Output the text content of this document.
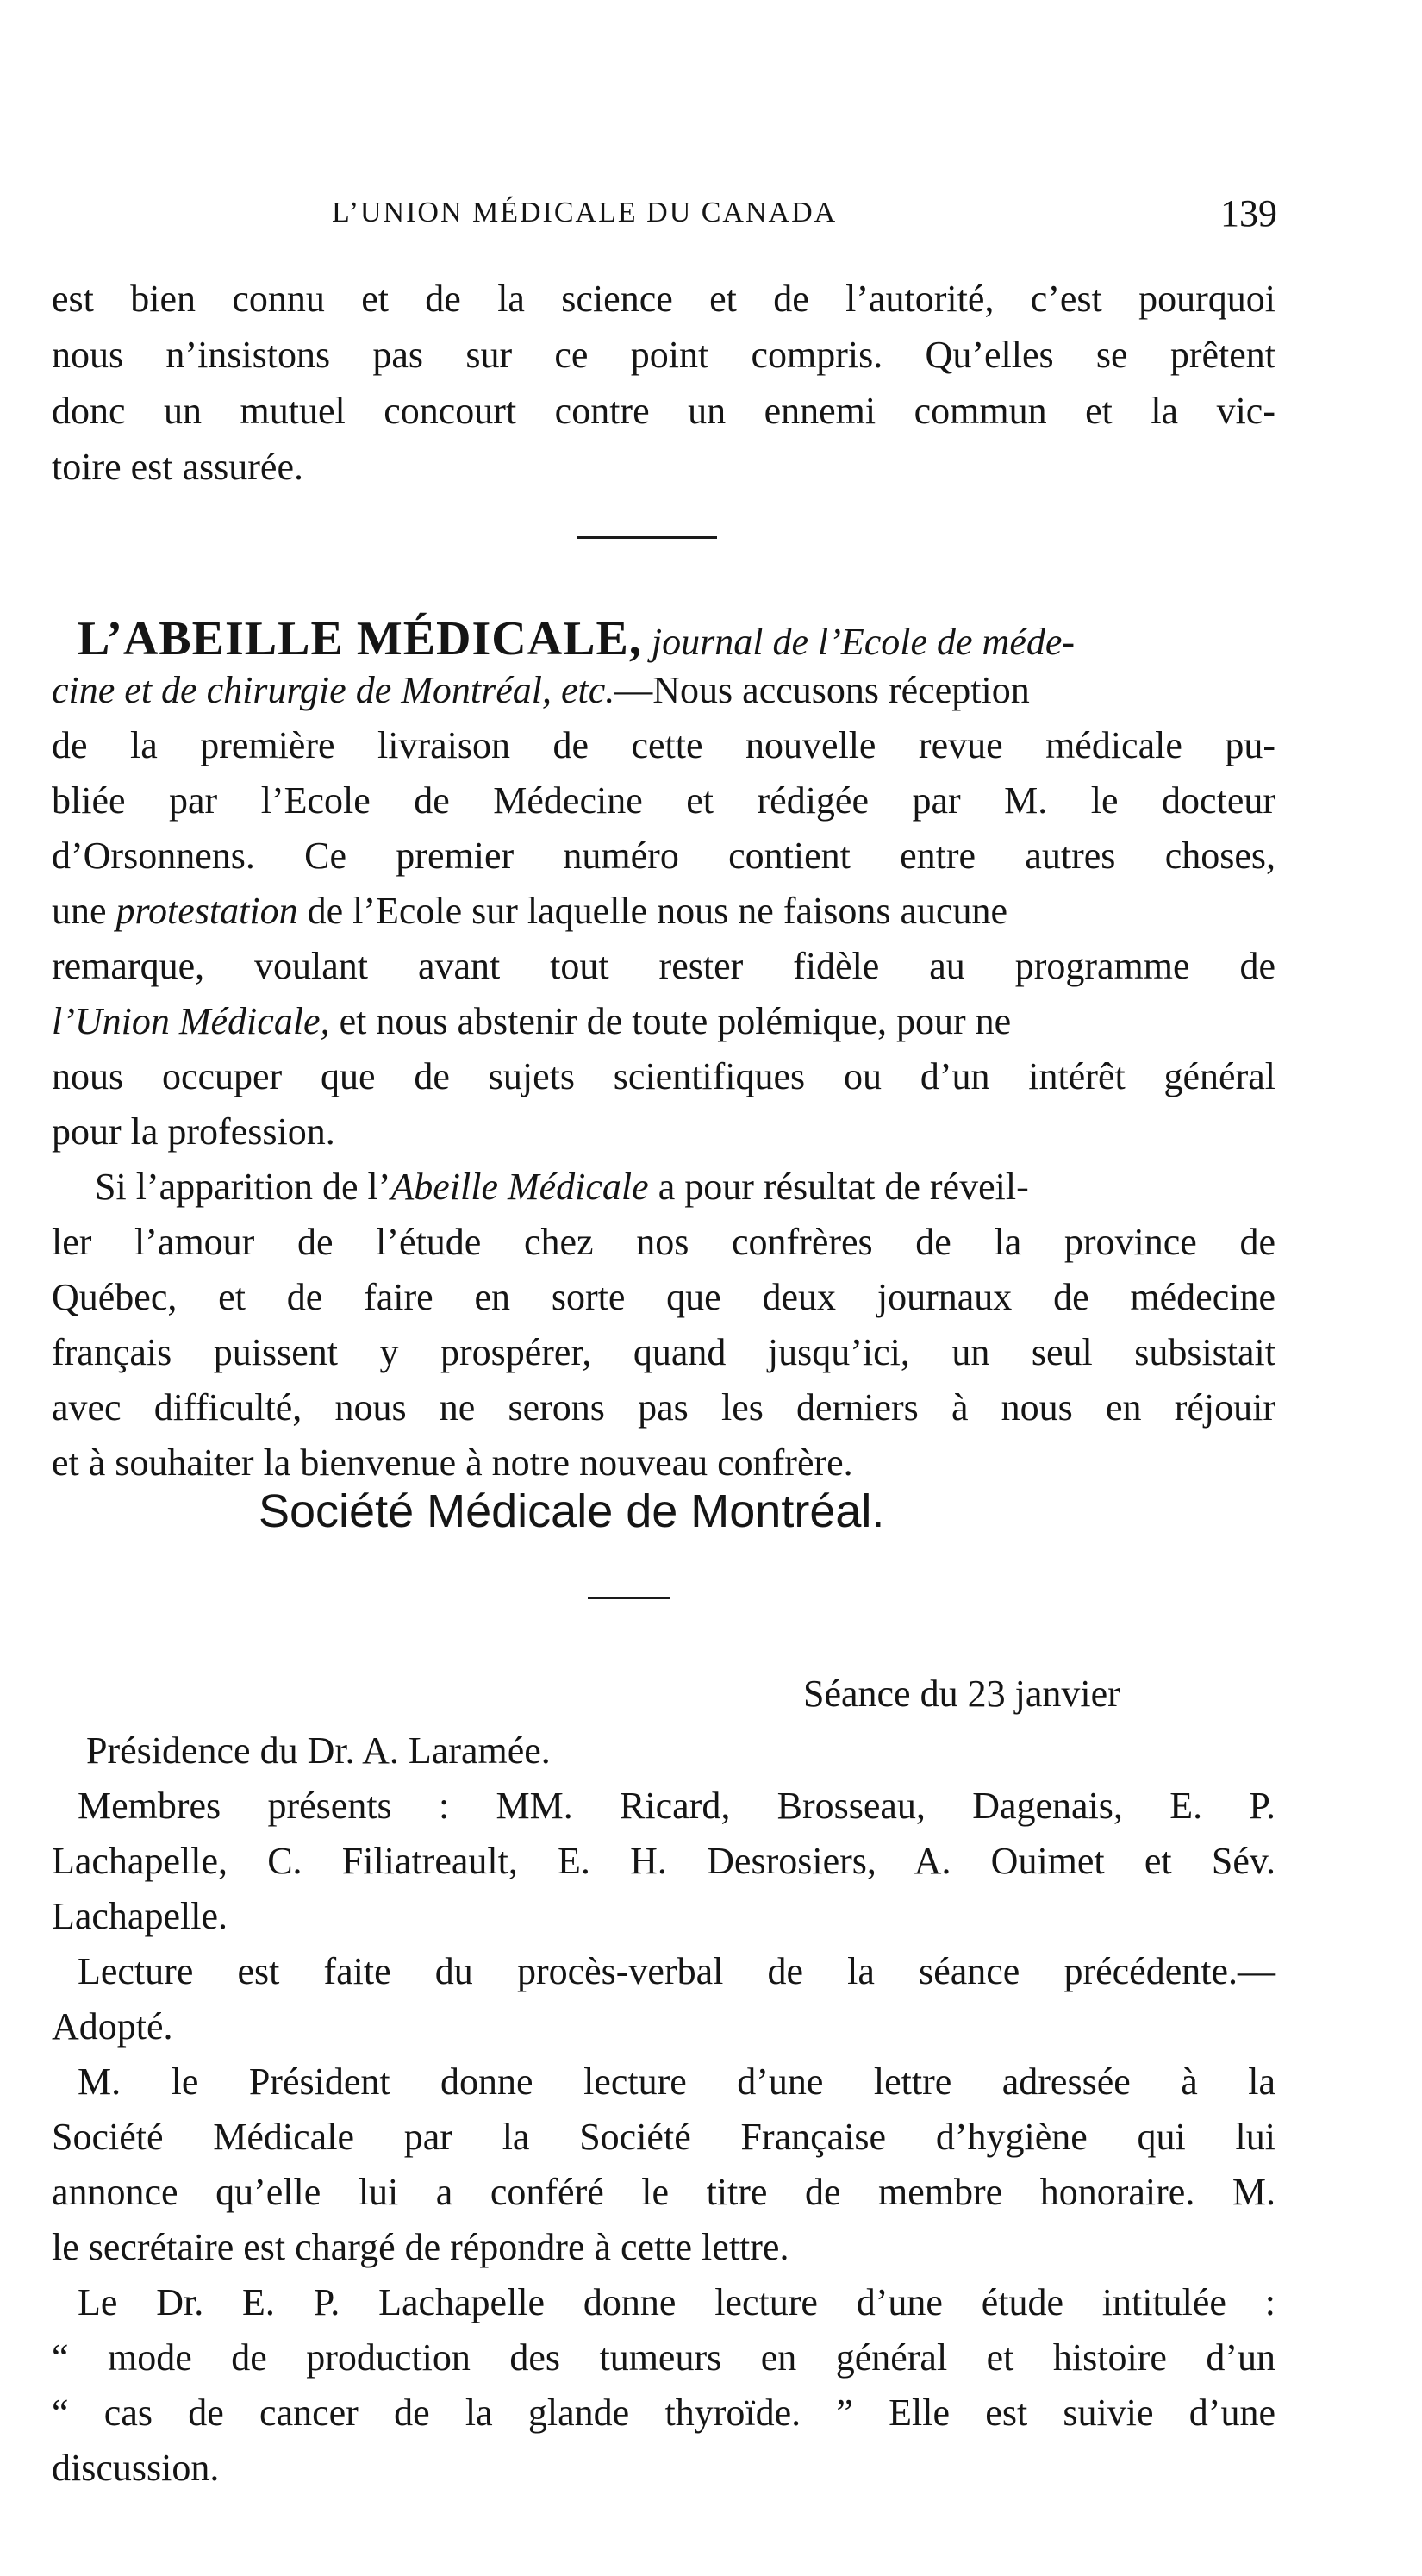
L’UNION MÉDICALE DU CANADA	139
est bien connu et de la science et de l’autorité, c’est pourquoi
nous n’insistons pas sur ce point compris. Qu’elles se prêtent
donc un mutuel concourt contre un ennemi commun et la vic-
toire est assurée.
L’ABEILLE MÉDICALE, journal de l’Ecole de méde-
cine et de chirurgie de Montréal, etc.—Nous accusons réception
de la première livraison de cette nouvelle revue médicale pu-
bliée par l’Ecole de Médecine et rédigée par M. le docteur
d’Orsonnens. Ce premier numéro contient entre autres choses,
une protestation de l’Ecole sur laquelle nous ne faisons aucune
remarque, voulant avant tout rester fidèle au programme de
l’Union Médicale, et nous abstenir de toute polémique, pour ne
nous occuper que de sujets scientifiques ou d’un intérêt général
pour la profession.
Si l’apparition de l’Abeille Médicale a pour résultat de réveil-
ler l’amour de l’étude chez nos confrères de la province de
Québec, et de faire en sorte que deux journaux de médecine
français puissent y prospérer, quand jusqu’ici, un seul subsistait
avec difficulté, nous ne serons pas les derniers à nous en réjouir
et à souhaiter la bienvenue à notre nouveau confrère.
Société Médicale de Montréal.
Séance du 23 janvier
Présidence du Dr. A. Laramée.
Membres présents : MM. Ricard, Brosseau, Dagenais, E. P.
Lachapelle, C. Filiatreault, E. H. Desrosiers, A. Ouimet et Sév.
Lachapelle.
Lecture est faite du procès-verbal de la séance précédente.—
Adopté.
M. le Président donne lecture d’une lettre adressée à la
Société Médicale par la Société Française d’hygiène qui lui
annonce qu’elle lui a conféré le titre de membre honoraire. M.
le secrétaire est chargé de répondre à cette lettre.
Le Dr. E. P. Lachapelle donne lecture d’une étude intitulée :
“ mode de production des tumeurs en général et histoire d’un
“ cas de cancer de la glande thyroïde. ” Elle est suivie d’une
discussion.
